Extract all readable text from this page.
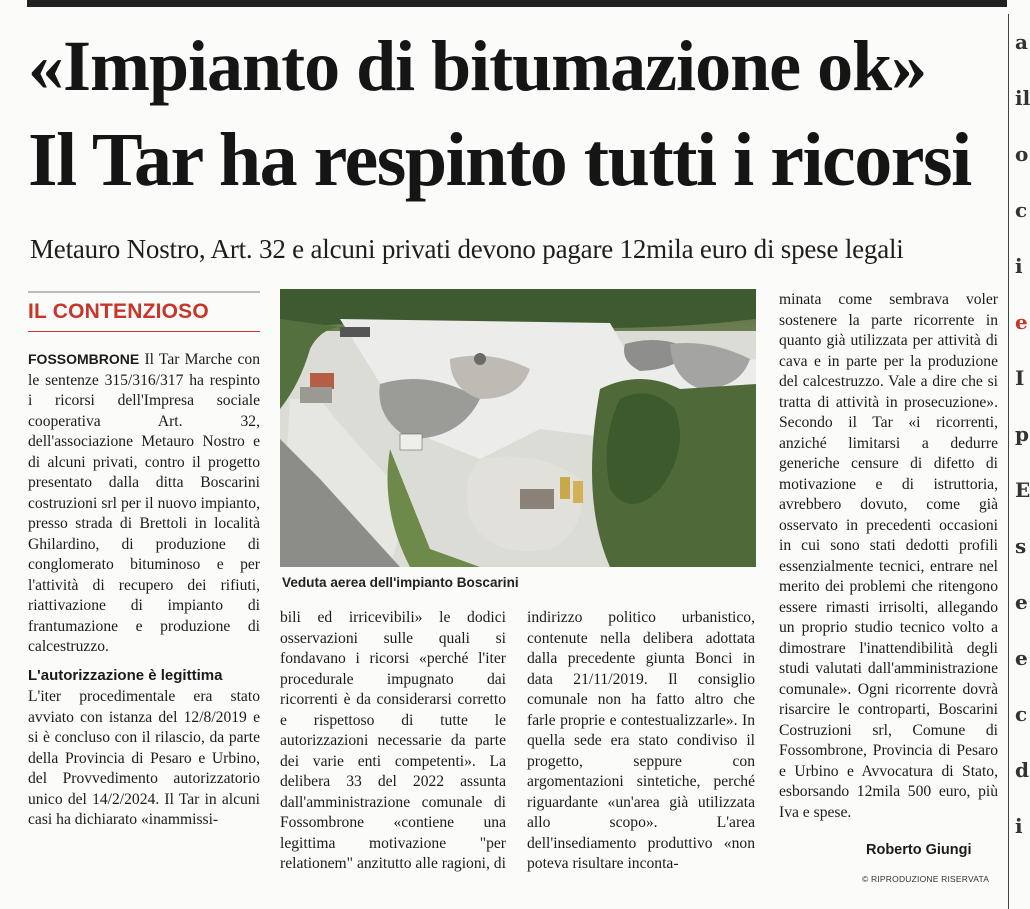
a
il
o
c
i
e
I
p
E
s
e
e
c
d
i
«Impianto di bitumazione ok»
Il Tar ha respinto tutti i ricorsi
Metauro Nostro, Art. 32 e alcuni privati devono pagare 12mila euro di spese legali
IL CONTENZIOSO

FOSSOMBRONE Il Tar Marche con le sentenze 315/316/317 ha respinto i ricorsi dell'Impresa sociale cooperativa Art. 32, dell'associazione Metauro Nostro e di alcuni privati, contro il progetto presentato dalla ditta Boscarini costruzioni srl per il nuovo impianto, presso strada di Brettoli in località Ghilardino, di produzione di conglomerato bituminoso e per l'attività di recupero dei rifiuti, riattivazione di impianto di frantumazione e produzione di calcestruzzo.

L'autorizzazione è legittima

L'iter procedimentale era stato avviato con istanza del 12/8/2019 e si è concluso con il rilascio, da parte della Provincia di Pesaro e Urbino, del Provvedimento autorizzatorio unico del 14/2/2024. Il Tar in alcuni casi ha dichiarato «inammissi-

Veduta aerea dell'impianto Boscarini

bili ed irricevibili» le dodici osservazioni sulle quali si fondavano i ricorsi «perché l'iter procedurale impugnato dai ricorrenti è da considerarsi corretto e rispettoso di tutte le autorizzazioni necessarie da parte dei varie enti competenti». La delibera 33 del 2022 assunta dall'amministrazione comunale di Fossombrone «contiene una legittima motivazione "per relationem" anzitutto alle ragioni, di

indirizzo politico urbanistico, contenute nella delibera adottata dalla precedente giunta Bonci in data 21/11/2019. Il consiglio comunale non ha fatto altro che farle proprie e contestualizzarle». In quella sede era stato condiviso il progetto, seppure con argomentazioni sintetiche, perché riguardante «un'area già utilizzata allo scopo». L'area dell'insediamento produttivo «non poteva risultare inconta-

minata come sembrava voler sostenere la parte ricorrente in quanto già utilizzata per attività di cava e in parte per la produzione del calcestruzzo. Vale a dire che si tratta di attività in prosecuzione». Secondo il Tar «i ricorrenti, anziché limitarsi a dedurre generiche censure di difetto di motivazione e di istruttoria, avrebbero dovuto, come già osservato in precedenti occasioni in cui sono stati dedotti profili essenzialmente tecnici, entrare nel merito dei problemi che ritengono essere rimasti irrisolti, allegando un proprio studio tecnico volto a dimostrare l'inattendibilità degli studi valutati dall'amministrazione comunale». Ogni ricorrente dovrà risarcire le controparti, Boscarini Costruzioni srl, Comune di Fossombrone, Provincia di Pesaro e Urbino e Avvocatura di Stato, esborsando 12mila 500 euro, più Iva e spese.

Roberto Giungi
© RIPRODUZIONE RISERVATA
